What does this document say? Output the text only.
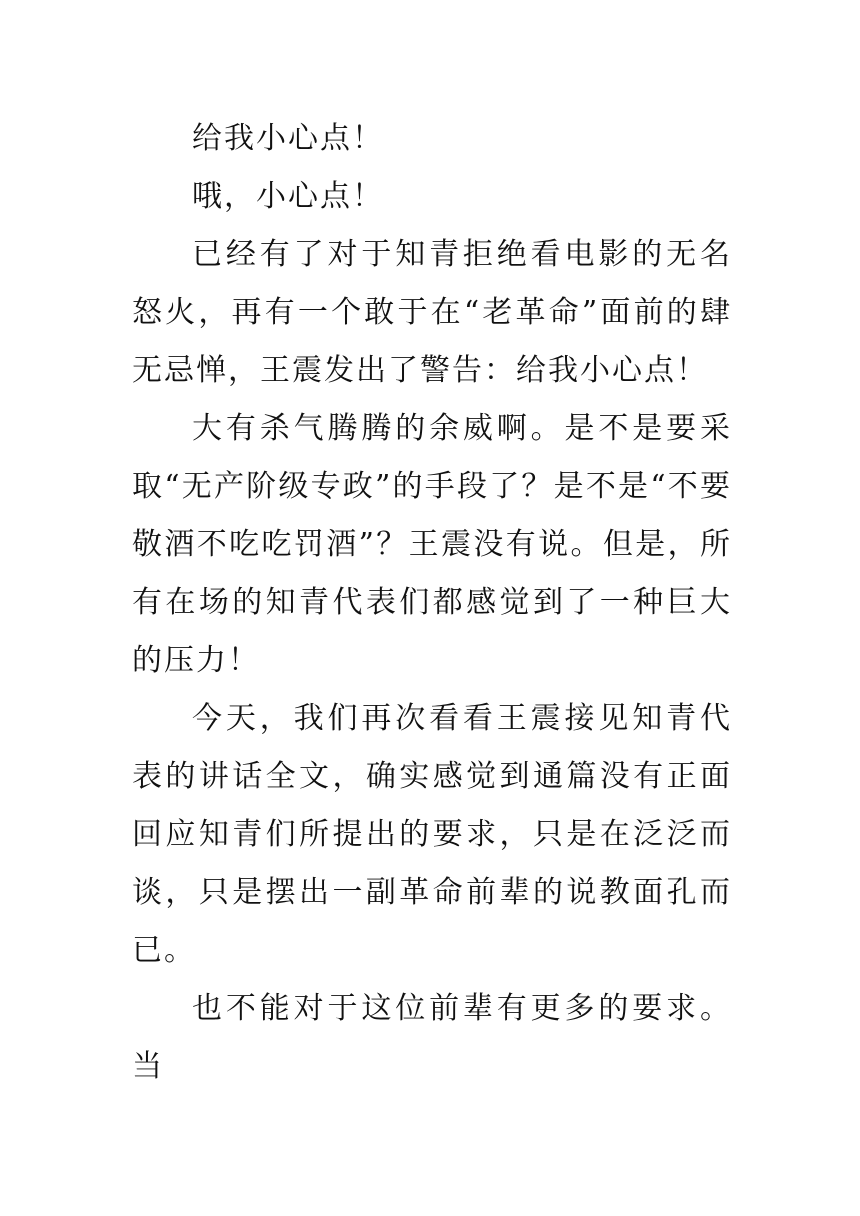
给我小心点！

哦，小心点！

已经有了对于知青拒绝看电影的无名怒火，再有一个敢于在“老革命”面前的肆无忌惮，王震发出了警告：给我小心点！

大有杀气腾腾的余威啊。是不是要采取“无产阶级专政”的手段了？是不是“不要敬酒不吃吃罚酒”？王震没有说。但是，所有在场的知青代表们都感觉到了一种巨大的压力！

今天，我们再次看看王震接见知青代表的讲话全文，确实感觉到通篇没有正面回应知青们所提出的要求，只是在泛泛而谈，只是摆出一副革命前辈的说教面孔而已。

也不能对于这位前辈有更多的要求。当
